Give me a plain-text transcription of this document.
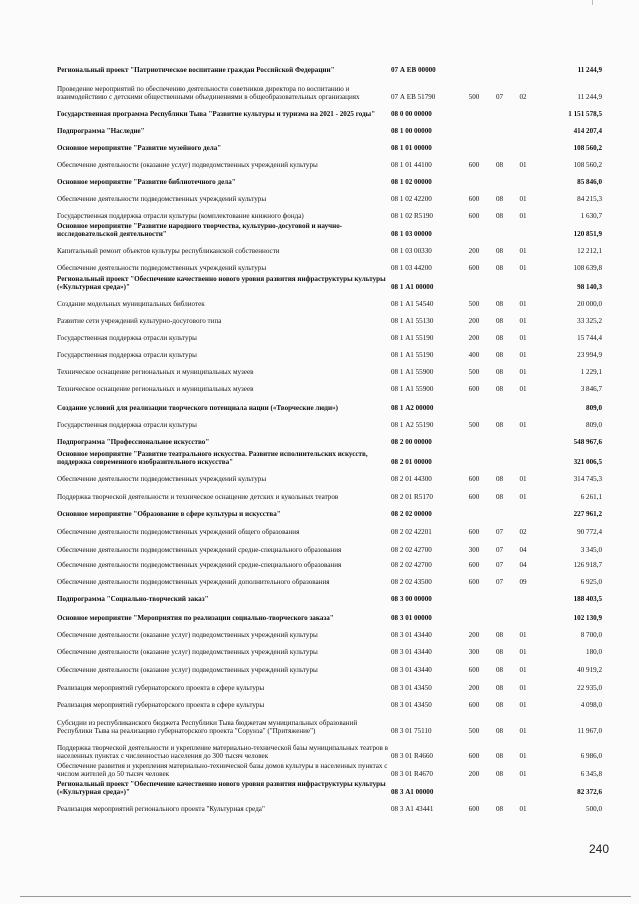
Региональный проект "Патриотическое воспитание граждан Российской Федерации"	07 А ЕВ 00000	11 244,9
Проведение мероприятий по обеспечению деятельности советников директора по воспитанию и взаимодействию с детскими общественными объединениями в общеобразовательных организациях	07 А ЕВ 51790	500	07	02	11 244,9
Государственная программа Республики Тыва "Развитие культуры и туризма на 2021 - 2025 годы"	08 0 00 00000	1 151 578,5
Подпрограмма "Наследие"	08 1 00 00000	414 207,4
Основное мероприятие "Развитие музейного дела"	08 1 01 00000	108 560,2
Обеспечение деятельности (оказание услуг) подведомственных учреждений культуры	08 1 01 44100	600	08	01	108 560,2
Основное мероприятие "Развитие библиотечного дела"	08 1 02 00000	85 846,0
Обеспечение деятельности подведомственных учреждений культуры	08 1 02 42200	600	08	01	84 215,3
Государственная поддержка отрасли культуры (комплектование книжного фонда)	08 1 02 R5190	600	08	01	1 630,7
Основное мероприятие "Развитие народного творчества, культурно-досуговой и научно-исследовательской деятельности"	08 1 03 00000	120 851,9
Капитальный ремонт объектов культуры республиканской собственности	08 1 03 00330	200	08	01	12 212,1
Обеспечение деятельности подведомственных учреждений культуры	08 1 03 44200	600	08	01	108 639,8
Региональный проект "Обеспечение качественно нового уровня развития инфраструктуры культуры («Культурная среда»)"	08 1 А1 00000	98 140,3
Создание модельных муниципальных библиотек	08 1 А1 54540	500	08	01	20 000,0
Развитие сети учреждений культурно-досугового типа	08 1 А1 55130	200	08	01	33 325,2
Государственная поддержка отрасли культуры	08 1 А1 55190	200	08	01	15 744,4
Государственная поддержка отрасли культуры	08 1 А1 55190	400	08	01	23 994,9
Техническое оснащение региональных и муниципальных музеев	08 1 А1 55900	500	08	01	1 229,1
Техническое оснащение региональных и муниципальных музеев	08 1 А1 55900	600	08	01	3 846,7
Создание условий для реализации творческого потенциала нации («Творческие люди»)	08 1 А2 00000	809,0
Государственная поддержка отрасли культуры	08 1 А2 55190	500	08	01	809,0
Подпрограмма "Профессиональное искусство"	08 2 00 00000	548 967,6
Основное мероприятие "Развитие театрального искусства. Развитие исполнительских искусств, поддержка современного изобразительного искусства"	08 2 01 00000	321 006,5
Обеспечение деятельности подведомственных учреждений культуры	08 2 01 44300	600	08	01	314 745,3
Поддержка творческой деятельности и техническое оснащение детских и кукольных театров	08 2 01 R5170	600	08	01	6 261,1
Основное мероприятие "Образование в сфере культуры и искусства"	08 2 02 00000	227 961,2
Обеспечение деятельности подведомственных учреждений общего образования	08 2 02 42201	600	07	02	90 772,4
Обеспечение деятельности подведомственных учреждений средне-специального образования	08 2 02 42700	300	07	04	3 345,0
Обеспечение деятельности подведомственных учреждений средне-специального образования	08 2 02 42700	600	07	04	126 918,7
Обеспечение деятельности подведомственных учреждений дополнительного образования	08 2 02 43500	600	07	09	6 925,0
Подпрограмма "Социально-творческий заказ"	08 3 00 00000	188 403,5
Основное мероприятие "Мероприятия по реализации социально-творческого заказа"	08 3 01 00000	102 130,9
Обеспечение деятельности (оказание услуг) подведомственных учреждений культуры	08 3 01 43440	200	08	01	8 700,0
Обеспечение деятельности (оказание услуг) подведомственных учреждений культуры	08 3 01 43440	300	08	01	180,0
Обеспечение деятельности (оказание услуг) подведомственных учреждений культуры	08 3 01 43440	600	08	01	40 919,2
Реализация мероприятий губернаторского проекта в сфере культуры	08 3 01 43450	200	08	01	22 935,0
Реализация мероприятий губернаторского проекта в сфере культуры	08 3 01 43450	600	08	01	4 098,0
Субсидии из республиканского бюджета Республики Тыва бюджетам муниципальных образований Республики Тыва на реализацию губернаторского проекта "Сорунза" ("Притяжение")	08 3 01 75110	500	08	01	11 967,0
Поддержка творческой деятельности и укрепление материально-технической базы муниципальных театров в населенных пунктах с численностью населения до 300 тысяч человек	08 3 01 R4660	600	08	01	6 986,0
Обеспечение развития и укрепления материально-технической базы домов культуры в населенных пунктах с числом жителей до 50 тысяч человек	08 3 01 R4670	200	08	01	6 345,8
Региональный проект "Обеспечение качественно нового уровня развития инфраструктуры культуры («Культурная среда»)"	08 3 А1 00000	82 372,6
Реализация мероприятий регионального проекта "Культурная среда"	08 3 А1 43441	600	08	01	500,0
240
